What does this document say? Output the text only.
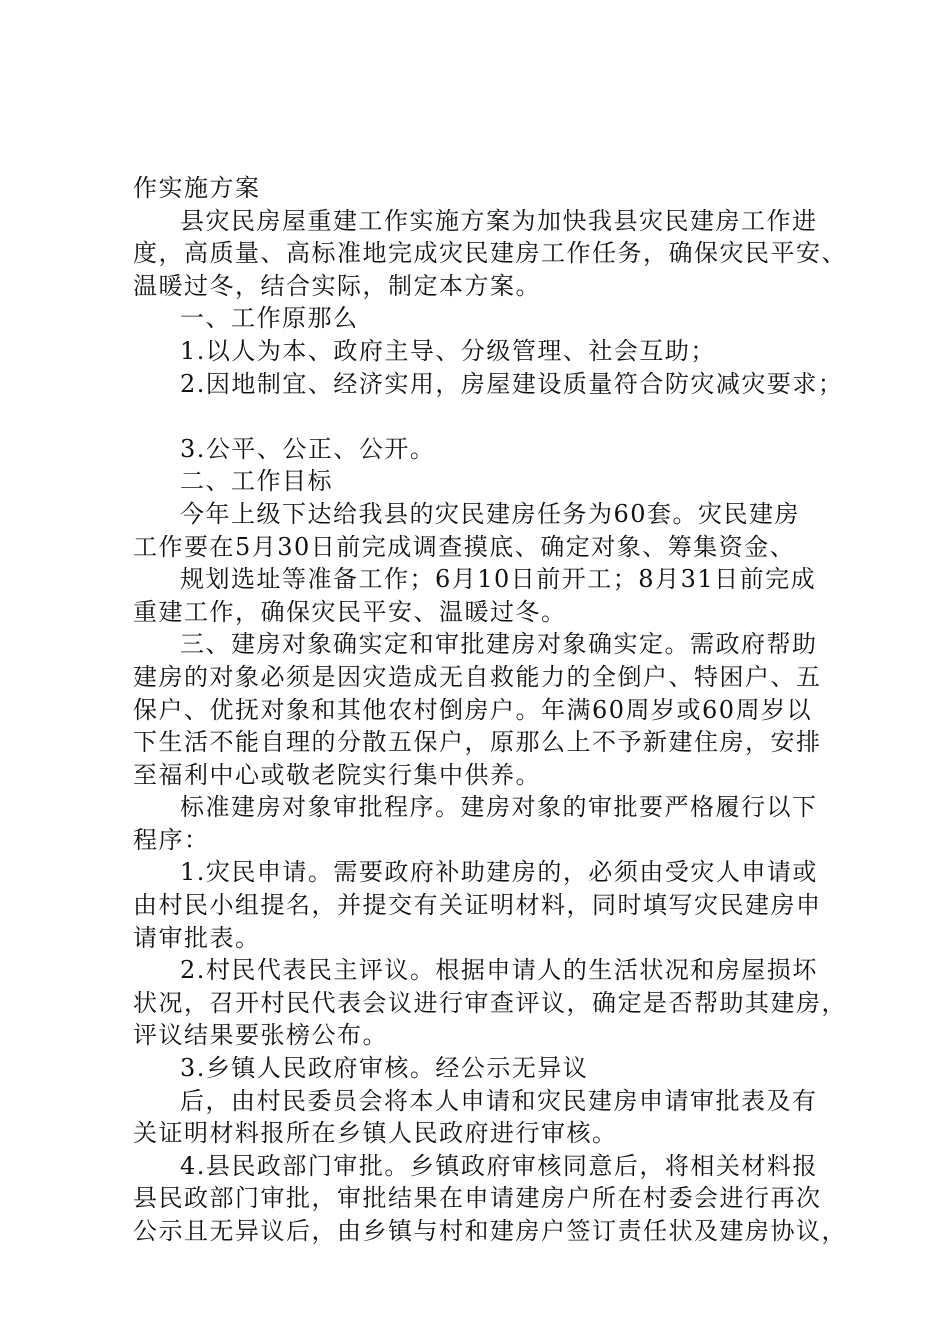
作实施方案
县灾民房屋重建工作实施方案为加快我县灾民建房工作进
度，高质量、高标准地完成灾民建房工作任务，确保灾民平安、
温暖过冬，结合实际，制定本方案。
一、工作原那么
1.以人为本、政府主导、分级管理、社会互助；
2.因地制宜、经济实用，房屋建设质量符合防灾减灾要求；
3.公平、公正、公开。
二、工作目标
今年上级下达给我县的灾民建房任务为60套。灾民建房
工作要在5月30日前完成调查摸底、确定对象、筹集资金、
规划选址等准备工作；6月10日前开工；8月31日前完成
重建工作，确保灾民平安、温暖过冬。
三、建房对象确实定和审批建房对象确实定。需政府帮助
建房的对象必须是因灾造成无自救能力的全倒户、特困户、五
保户、优抚对象和其他农村倒房户。年满60周岁或60周岁以
下生活不能自理的分散五保户，原那么上不予新建住房，安排
至福利中心或敬老院实行集中供养。
标准建房对象审批程序。建房对象的审批要严格履行以下
程序：
1.灾民申请。需要政府补助建房的，必须由受灾人申请或
由村民小组提名，并提交有关证明材料，同时填写灾民建房申
请审批表。
2.村民代表民主评议。根据申请人的生活状况和房屋损坏
状况，召开村民代表会议进行审查评议，确定是否帮助其建房，
评议结果要张榜公布。
3.乡镇人民政府审核。经公示无异议
后，由村民委员会将本人申请和灾民建房申请审批表及有
关证明材料报所在乡镇人民政府进行审核。
4.县民政部门审批。乡镇政府审核同意后，将相关材料报
县民政部门审批，审批结果在申请建房户所在村委会进行再次
公示且无异议后，由乡镇与村和建房户签订责任状及建房协议，
